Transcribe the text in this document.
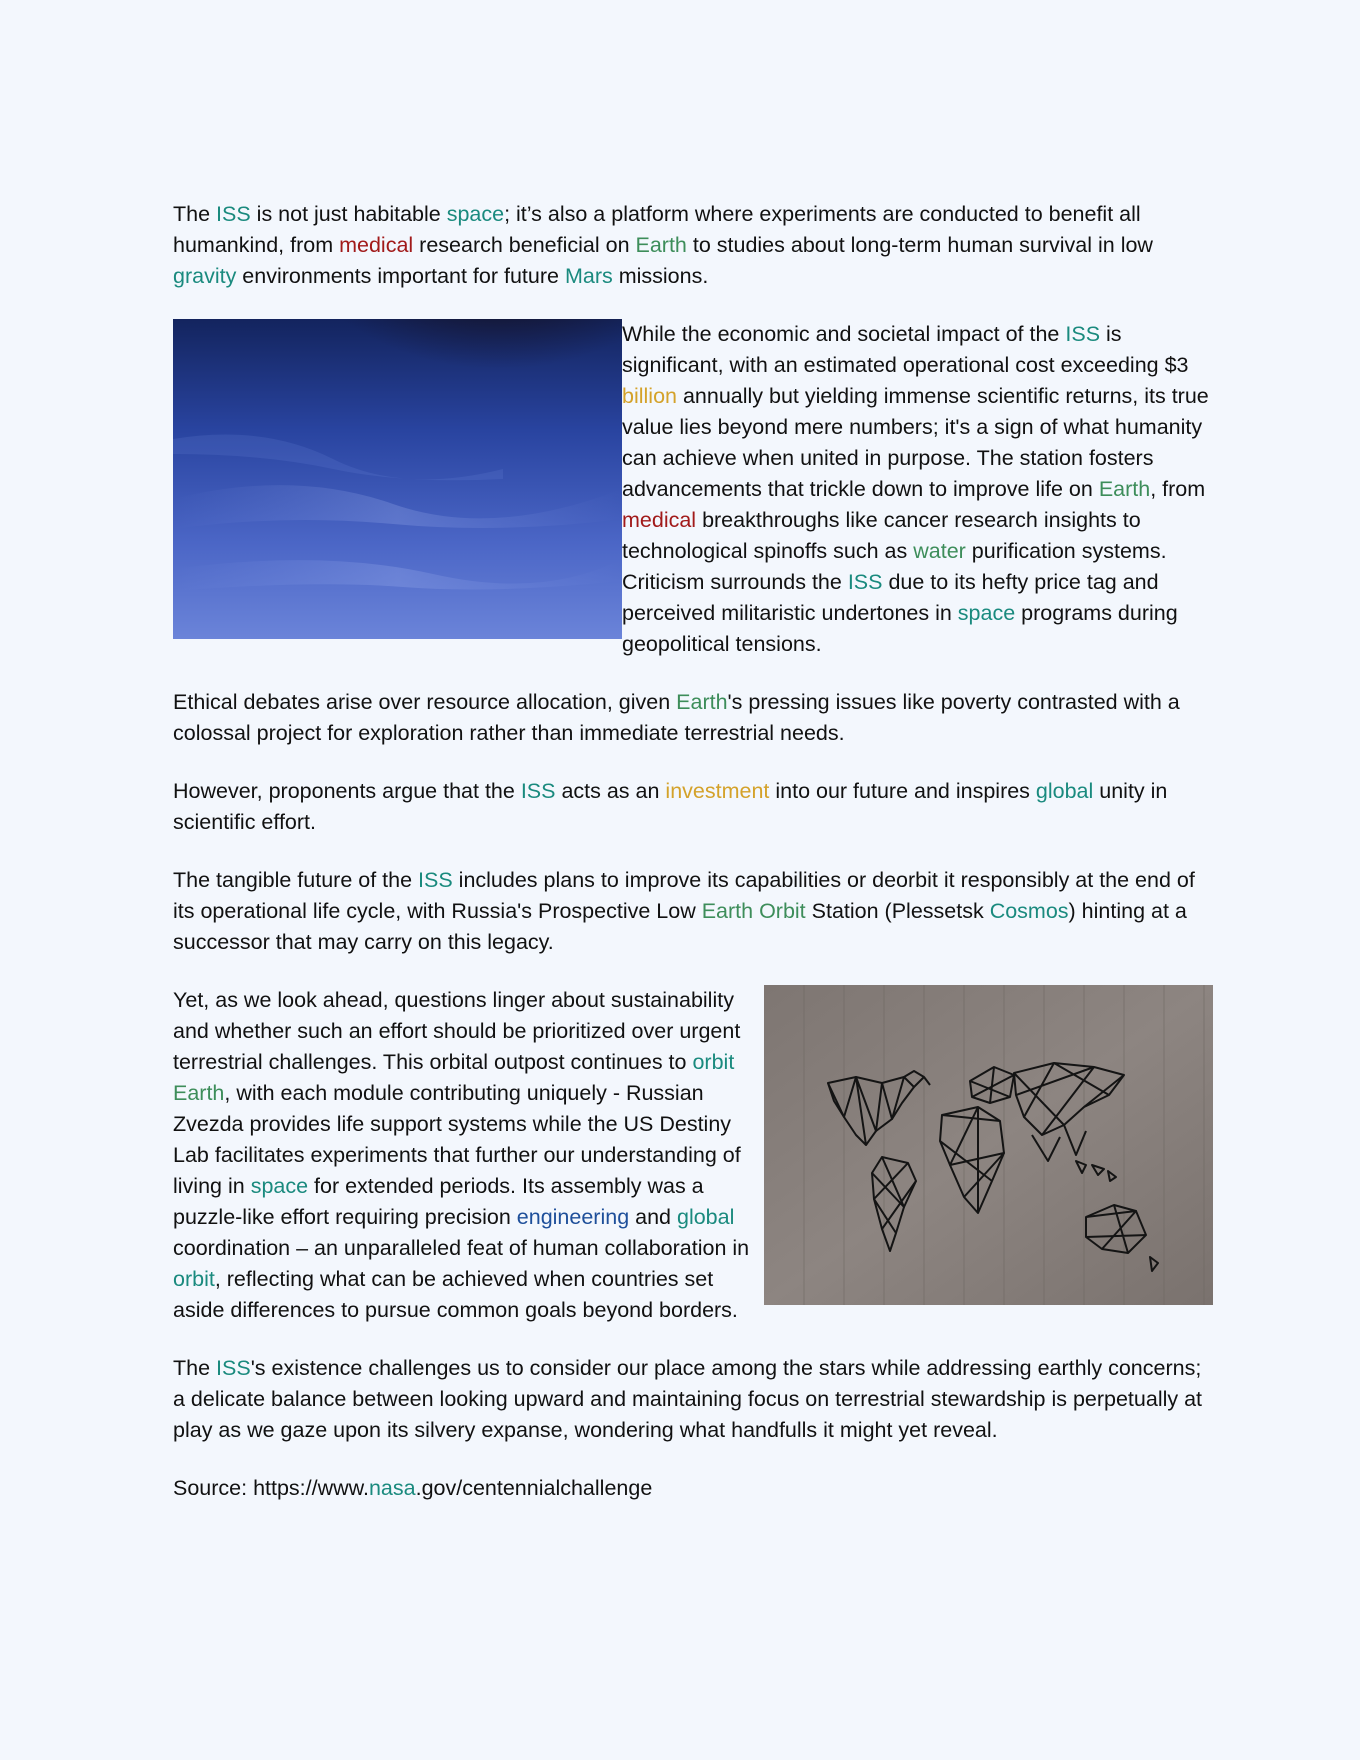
The ISS is not just habitable space; it’s also a platform where experiments are conducted to benefit all humankind, from medical research beneficial on Earth to studies about long-term human survival in low gravity environments important for future Mars missions.

While the economic and societal impact of the ISS is significant, with an estimated operational cost exceeding $3 billion annually but yielding immense scientific returns, its true value lies beyond mere numbers; it's a sign of what humanity can achieve when united in purpose. The station fosters advancements that trickle down to improve life on Earth, from medical breakthroughs like cancer research insights to technological spinoffs such as water purification systems. Criticism surrounds the ISS due to its hefty price tag and perceived militaristic undertones in space programs during geopolitical tensions.

Ethical debates arise over resource allocation, given Earth's pressing issues like poverty contrasted with a colossal project for exploration rather than immediate terrestrial needs.

However, proponents argue that the ISS acts as an investment into our future and inspires global unity in scientific effort.

The tangible future of the ISS includes plans to improve its capabilities or deorbit it responsibly at the end of its operational life cycle, with Russia's Prospective Low Earth Orbit Station (Plessetsk Cosmos) hinting at a successor that may carry on this legacy.

Yet, as we look ahead, questions linger about sustainability and whether such an effort should be prioritized over urgent terrestrial challenges. This orbital outpost continues to orbit Earth, with each module contributing uniquely - Russian Zvezda provides life support systems while the US Destiny Lab facilitates experiments that further our understanding of living in space for extended periods. Its assembly was a puzzle-like effort requiring precision engineering and global coordination – an unparalleled feat of human collaboration in orbit, reflecting what can be achieved when countries set aside differences to pursue common goals beyond borders.

The ISS's existence challenges us to consider our place among the stars while addressing earthly concerns; a delicate balance between looking upward and maintaining focus on terrestrial stewardship is perpetually at play as we gaze upon its silvery expanse, wondering what handfulls it might yet reveal.

Source: https://www.nasa.gov/centennialchallenge
